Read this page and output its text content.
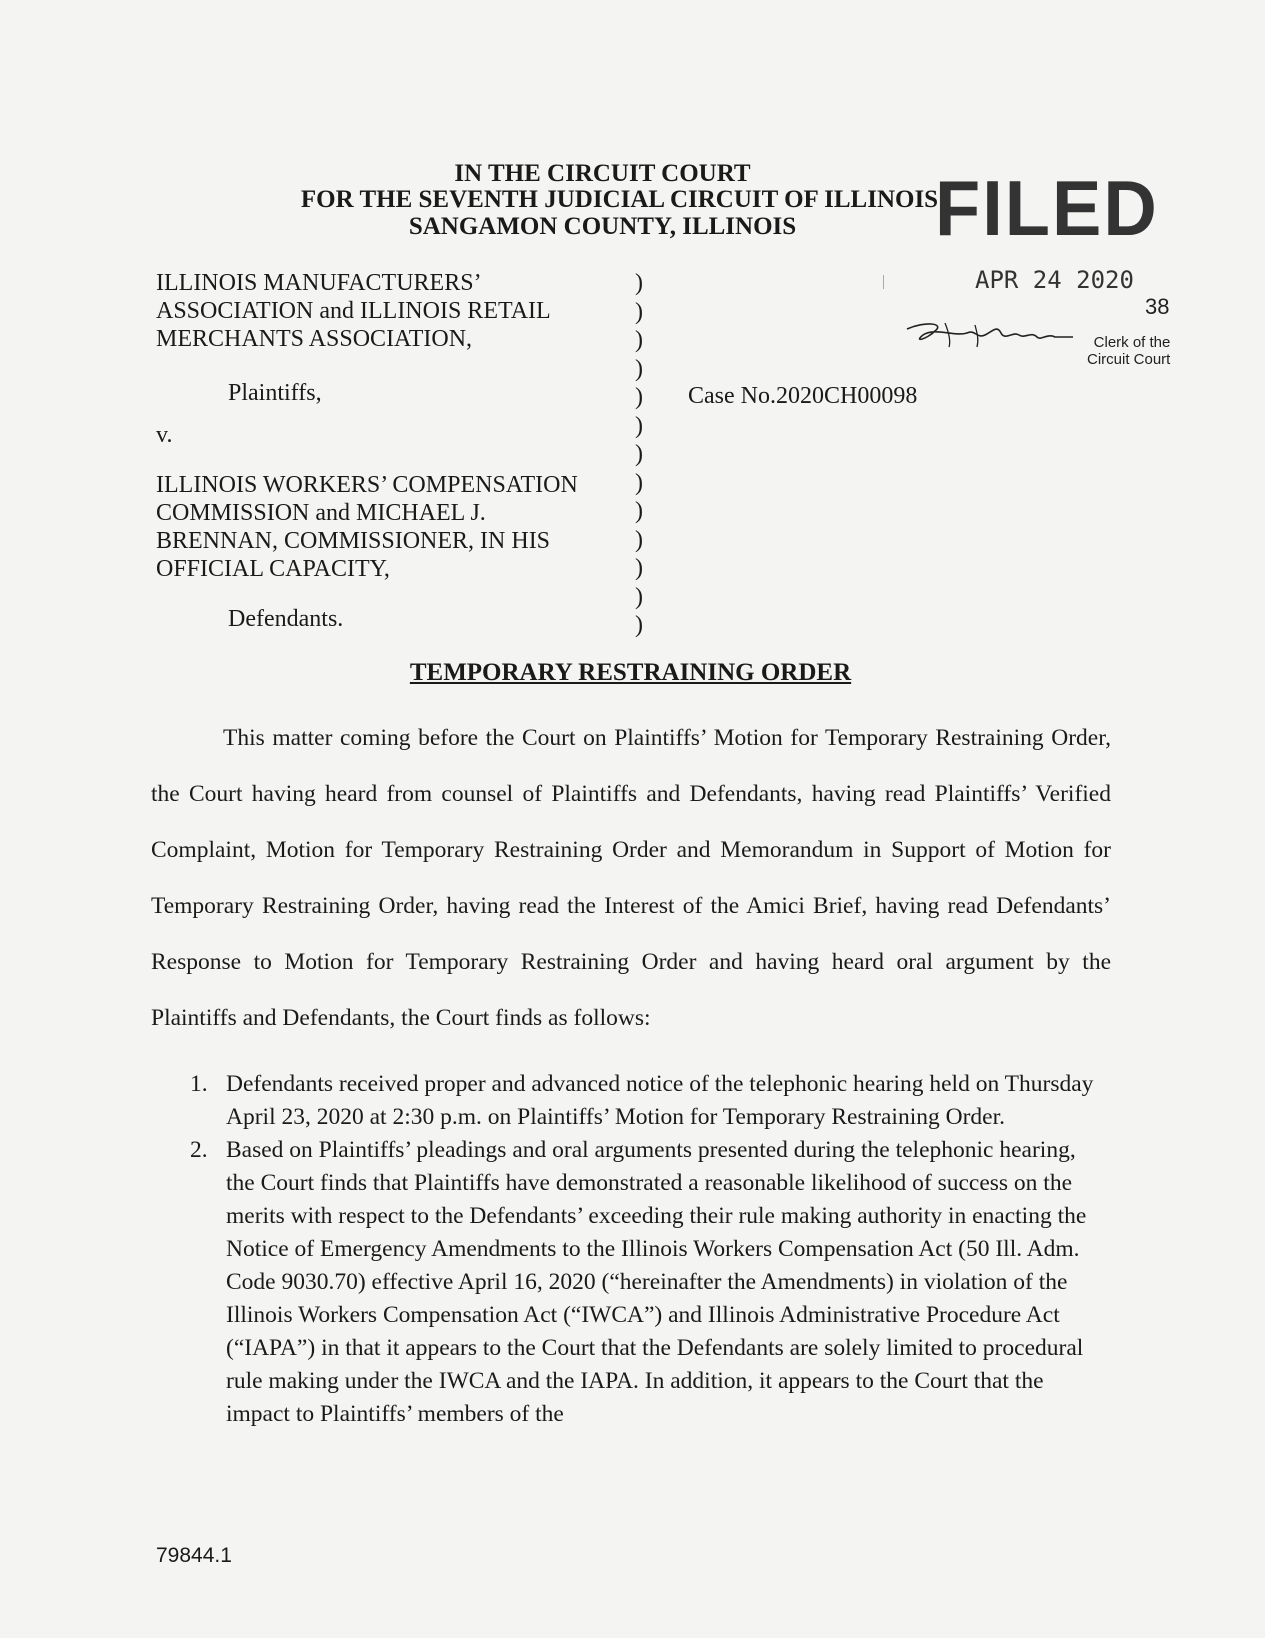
IN THE CIRCUIT COURT
FOR THE SEVENTH JUDICIAL CIRCUIT OF ILLINOIS
SANGAMON COUNTY, ILLINOIS	FILED
APR 24 2020
38
Clerk of the
Circuit Court
ILLINOIS MANUFACTURERS’
ASSOCIATION and ILLINOIS RETAIL
MERCHANTS ASSOCIATION,
Plaintiffs,
v.
ILLINOIS WORKERS’ COMPENSATION
COMMISSION and MICHAEL J.
BRENNAN, COMMISSIONER, IN HIS
OFFICIAL CAPACITY,
Defendants.
)
)
)
)
)
)
)
)
)
)
)
)
)
Case No.2020CH00098
TEMPORARY RESTRAINING ORDER
This matter coming before the Court on Plaintiffs’ Motion for Temporary Restraining Order, the Court having heard from counsel of Plaintiffs and Defendants, having read Plaintiffs’ Verified Complaint, Motion for Temporary Restraining Order and Memorandum in Support of Motion for Temporary Restraining Order, having read the Interest of the Amici Brief, having read Defendants’ Response to Motion for Temporary Restraining Order and having heard oral argument by the Plaintiffs and Defendants, the Court finds as follows:
1. Defendants received proper and advanced notice of the telephonic hearing held on Thursday April 23, 2020 at 2:30 p.m. on Plaintiffs’ Motion for Temporary Restraining Order.
2. Based on Plaintiffs’ pleadings and oral arguments presented during the telephonic hearing, the Court finds that Plaintiffs have demonstrated a reasonable likelihood of success on the merits with respect to the Defendants’ exceeding their rule making authority in enacting the Notice of Emergency Amendments to the Illinois Workers Compensation Act (50 Ill. Adm. Code 9030.70) effective April 16, 2020 (“hereinafter the Amendments) in violation of the Illinois Workers Compensation Act (“IWCA”) and Illinois Administrative Procedure Act (“IAPA”) in that it appears to the Court that the Defendants are solely limited to procedural rule making under the IWCA and the IAPA. In addition, it appears to the Court that the impact to Plaintiffs’ members of the
79844.1
